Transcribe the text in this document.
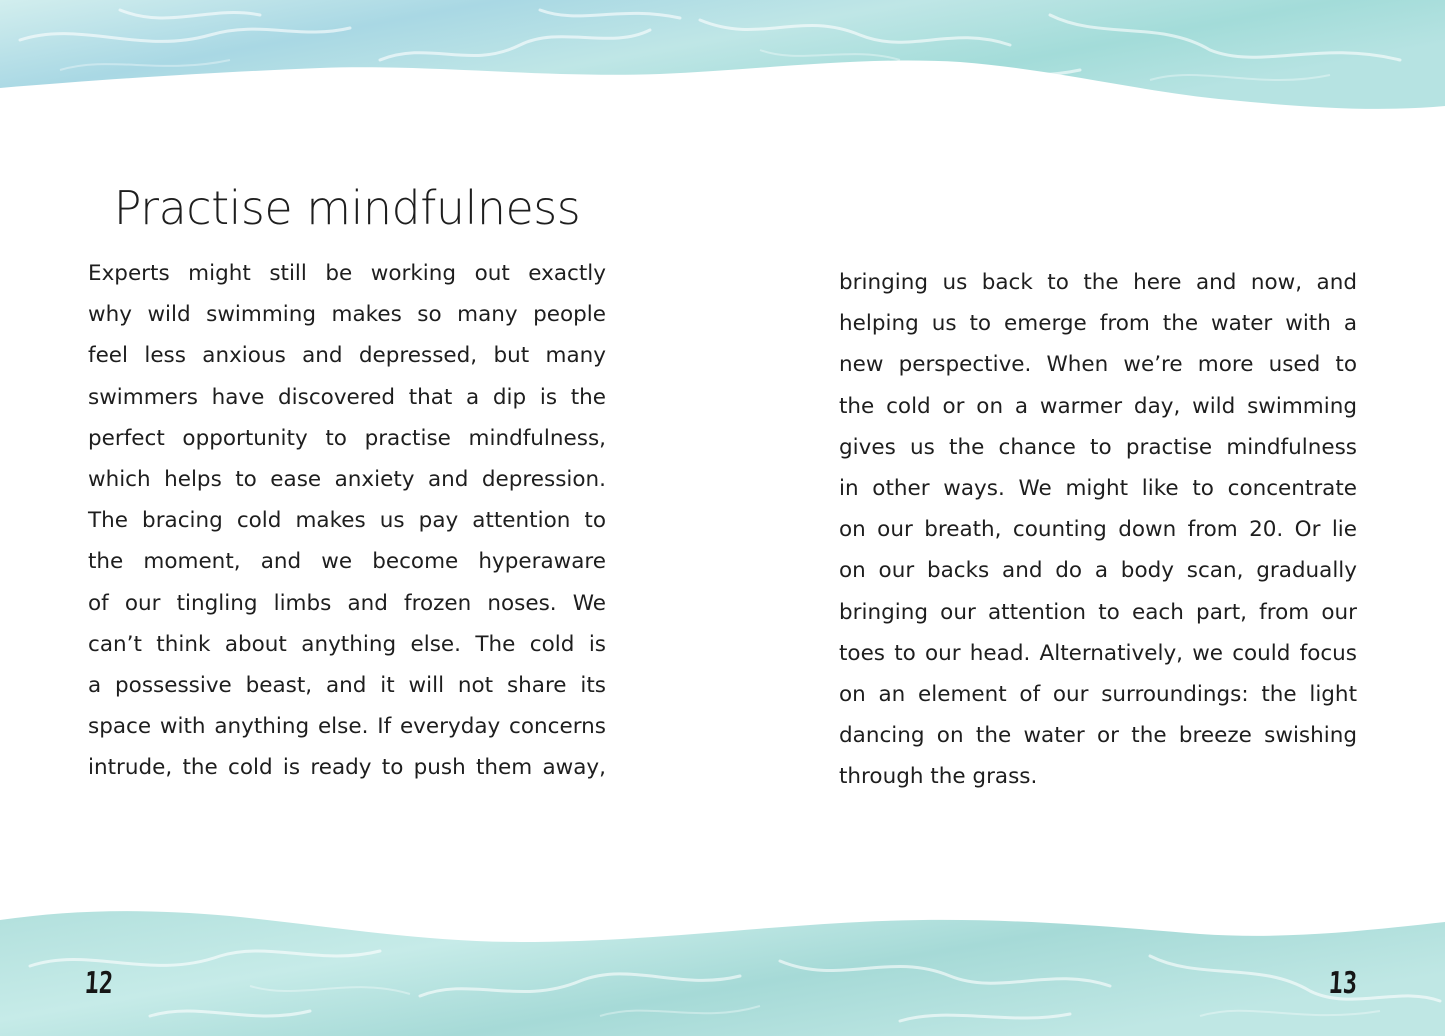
Practise mindfulness
Experts might still be working out exactly
why wild swimming makes so many people
feel less anxious and depressed, but many
swimmers have discovered that a dip is the
perfect opportunity to practise mindfulness,
which helps to ease anxiety and depression.
The bracing cold makes us pay attention to
the moment, and we become hyperaware
of our tingling limbs and frozen noses. We
can’t think about anything else. The cold is
a possessive beast, and it will not share its
space with anything else. If everyday concerns
intrude, the cold is ready to push them away,
bringing us back to the here and now, and
helping us to emerge from the water with a
new perspective. When we’re more used to
the cold or on a warmer day, wild swimming
gives us the chance to practise mindfulness
in other ways. We might like to concentrate
on our breath, counting down from 20. Or lie
on our backs and do a body scan, gradually
bringing our attention to each part, from our
toes to our head. Alternatively, we could focus
on an element of our surroundings: the light
dancing on the water or the breeze swishing
through the grass.
12	13
